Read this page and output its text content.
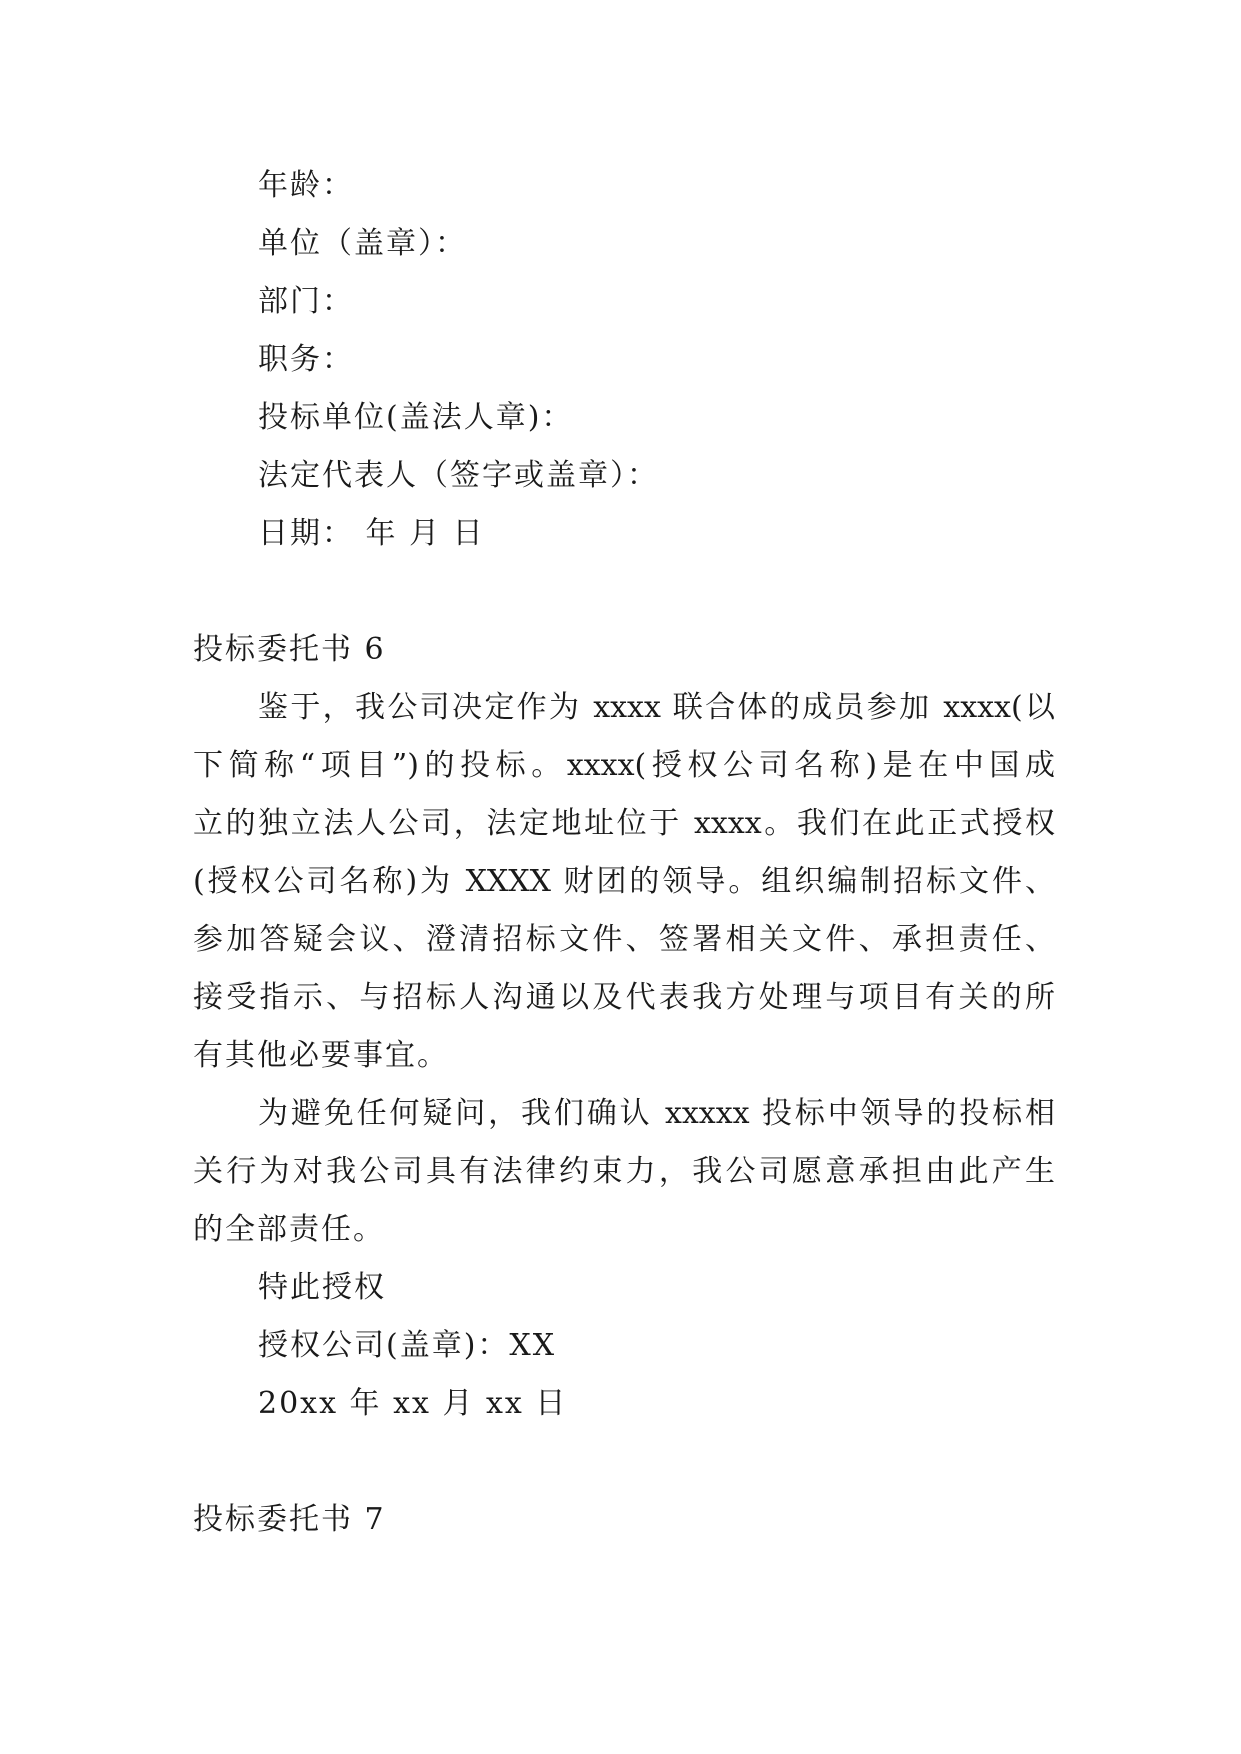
年龄：
单位（盖章）：
部门：
职务：
投标单位(盖法人章)：
法定代表人（签字或盖章）：
日期： 年 月 日
投标委托书 6
鉴于，我公司决定作为 xxxx 联合体的成员参加 xxxx(以
下简称“项目”)的投标。xxxx(授权公司名称)是在中国成
立的独立法人公司，法定地址位于 xxxx。我们在此正式授权
(授权公司名称)为 XXXX 财团的领导。组织编制招标文件、
参加答疑会议、澄清招标文件、签署相关文件、承担责任、
接受指示、与招标人沟通以及代表我方处理与项目有关的所
有其他必要事宜。
为避免任何疑问，我们确认 xxxxx 投标中领导的投标相
关行为对我公司具有法律约束力，我公司愿意承担由此产生
的全部责任。
特此授权
授权公司(盖章)：XX
20xx 年 xx 月 xx 日
投标委托书 7
